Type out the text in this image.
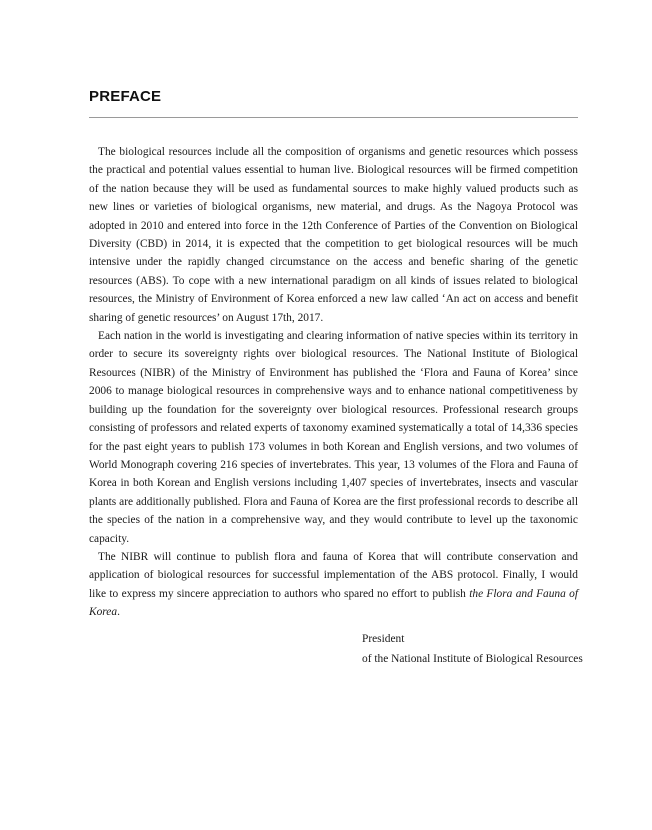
PREFACE

The biological resources include all the composition of organisms and genetic resources which possess the practical and potential values essential to human live. Biological resources will be firmed competition of the nation because they will be used as fundamental sources to make highly valued products such as new lines or varieties of biological organisms, new material, and drugs. As the Nagoya Protocol was adopted in 2010 and entered into force in the 12th Conference of Parties of the Convention on Biological Diversity (CBD) in 2014, it is expected that the competition to get biological resources will be much intensive under the rapidly changed circumstance on the access and benefic sharing of the genetic resources (ABS). To cope with a new international paradigm on all kinds of issues related to biological resources, the Ministry of Environment of Korea enforced a new law called ‘An act on access and benefit sharing of genetic resources’ on August 17th, 2017.

Each nation in the world is investigating and clearing information of native species within its territory in order to secure its sovereignty rights over biological resources. The National Institute of Biological Resources (NIBR) of the Ministry of Environment has published the ‘Flora and Fauna of Korea’ since 2006 to manage biological resources in comprehensive ways and to enhance national competitiveness by building up the foundation for the sovereignty over biological resources. Professional research groups consisting of professors and related experts of taxonomy examined systematically a total of 14,336 species for the past eight years to publish 173 volumes in both Korean and English versions, and two volumes of World Monograph covering 216 species of invertebrates. This year, 13 volumes of the Flora and Fauna of Korea in both Korean and English versions including 1,407 species of invertebrates, insects and vascular plants are additionally published. Flora and Fauna of Korea are the first professional records to describe all the species of the nation in a comprehensive way, and they would contribute to level up the taxonomic capacity.

The NIBR will continue to publish flora and fauna of Korea that will contribute conservation and application of biological resources for successful implementation of the ABS protocol. Finally, I would like to express my sincere appreciation to authors who spared no effort to publish the Flora and Fauna of Korea.

President
of the National Institute of Biological Resources
